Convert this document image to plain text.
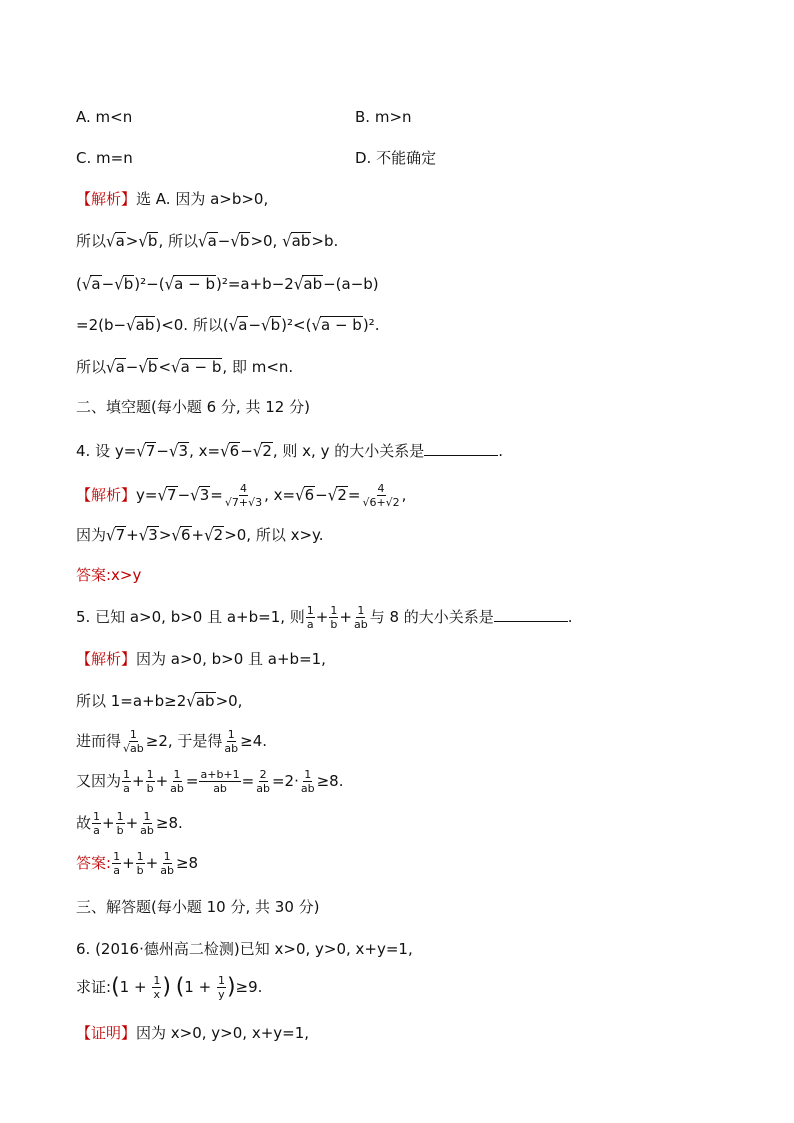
A. m<n	B. m>n
C. m=n	D. 不能确定
【解析】选 A. 因为 a>b>0,
所以√a>√b, 所以√a−√b>0, √ab>b.
(√a−√b)²−(√a − b)²=a+b−2√ab−(a−b)
=2(b−√ab)<0. 所以(√a−√b)²<(√a − b)².
所以√a−√b<√a − b, 即 m<n.
二、填空题(每小题 6 分, 共 12 分)
4. 设 y=√7−√3, x=√6−√2, 则 x, y 的大小关系是	.
【解析】$y=√7-√3= \frac{4}{√7+√3}$ , $x=√6-√2= \frac{4}{√6+√2}$ ,
因为√7+√3>√6+√2>0, 所以 x>y.
答案:x>y
5. 已知 a>0, b>0 且 a+b=1, 则 $\frac{1}{a} + \frac{1}{b} + \frac{1}{ab}$ 与 8 的大小关系是	.
【解析】因为 a>0, b>0 且 a+b=1,
所以 1=a+b≥2√ab>0,
进而得 $\frac{1}{√ab} \ge 2$, 于是得 $\frac{1}{ab} \ge 4$.
又因为 $\frac{1}{a} + \frac{1}{b} + \frac{1}{ab} = \frac{a+b+1}{ab} = \frac{2}{ab} =2\cdot \frac{1}{ab} \ge 8$.
故 $\frac{1}{a} + \frac{1}{b} + \frac{1}{ab} \ge 8$.
答案: $\frac{1}{a} + \frac{1}{b} + \frac{1}{ab} \ge 8$
三、解答题(每小题 10 分, 共 30 分)
6. (2016·德州高二检测)已知 x>0, y>0, x+y=1,
求证:(1 + $\frac{1}{x}$ ) $(1 + \frac{1}{y} )\ge 9$.
【证明】因为 x>0, y>0, x+y=1,
